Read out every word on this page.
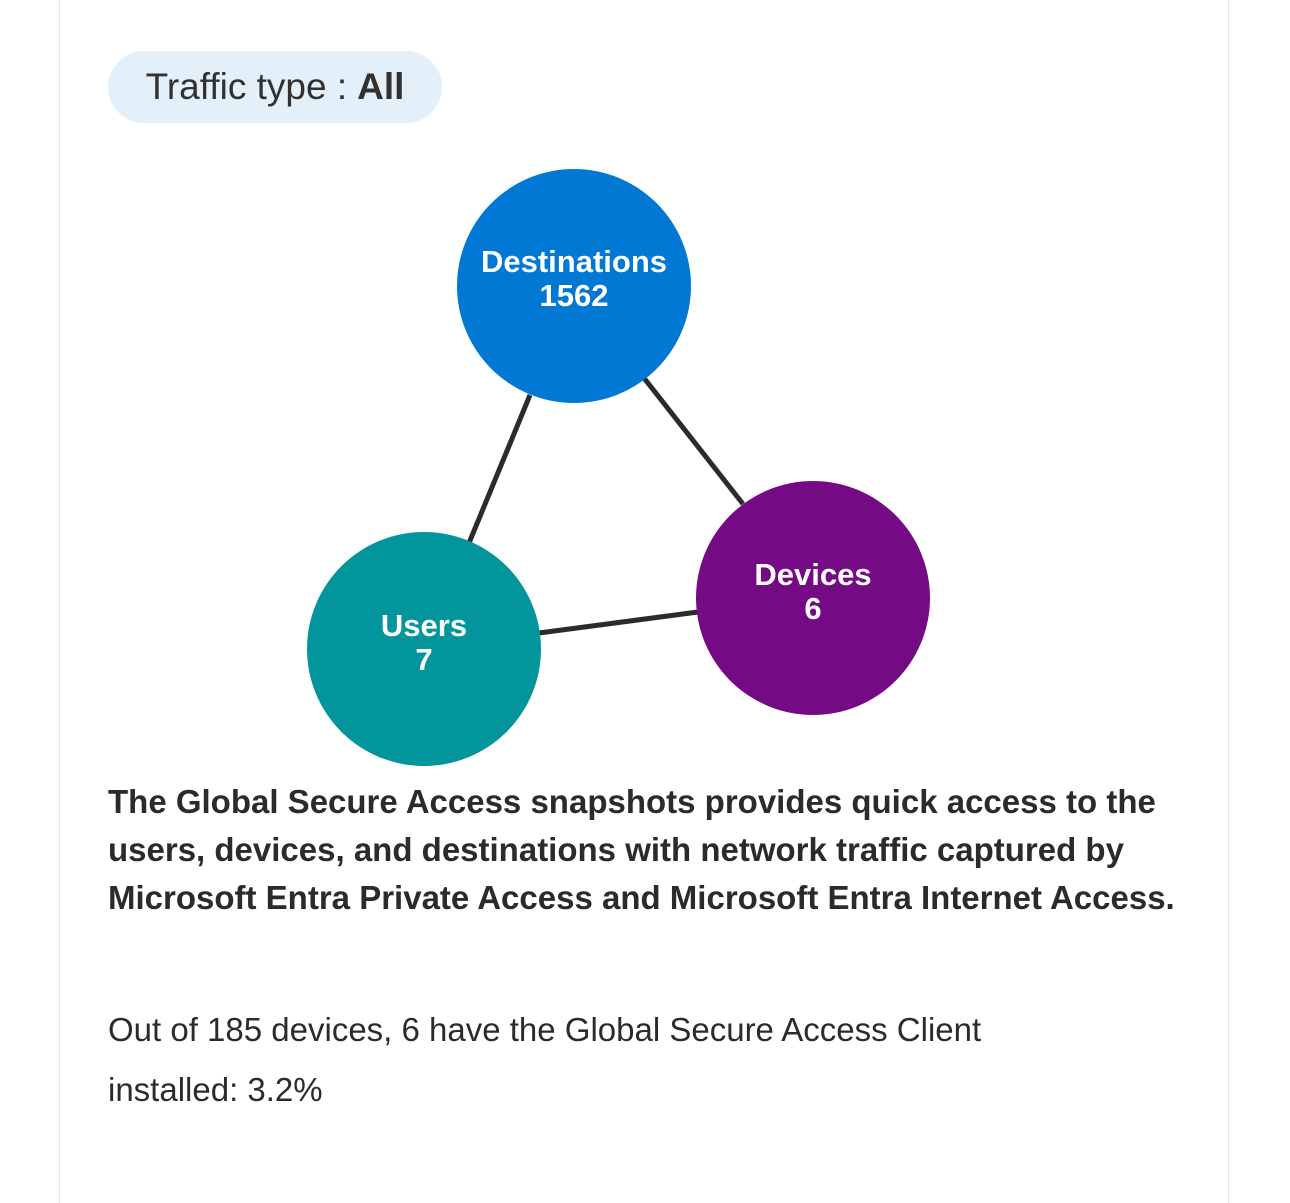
Traffic type : All
Destinations
1562
Devices
6
Users
7

The Global Secure Access snapshots provides quick access to the users, devices, and destinations with network traffic captured by Microsoft Entra Private Access and Microsoft Entra Internet Access.

Out of 185 devices, 6 have the Global Secure Access Client
installed: 3.2%
